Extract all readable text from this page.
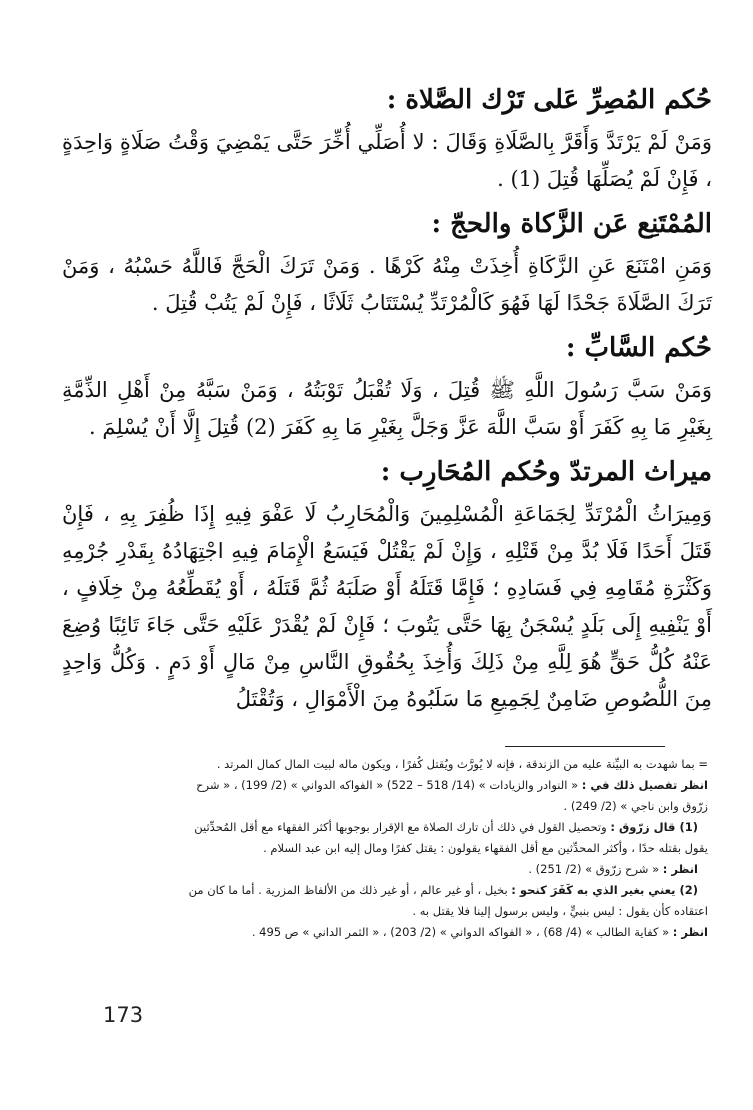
حُكم المُصِرِّ عَلى تَرْك الصَّلاة :

وَمَنْ لَمْ يَرْتَدَّ وَأَقَرَّ بِالصَّلَاةِ وَقَالَ : لا أُصَلِّي أُخِّرَ حَتَّى يَمْضِيَ وَقْتُ صَلَاةٍ وَاحِدَةٍ ، فَإِنْ لَمْ يُصَلِّهَا قُتِلَ (1) .

المُمْتَنِع عَن الزَّكاة والحجّ :

وَمَنِ امْتَنَعَ عَنِ الزَّكَاةِ أُخِذَتْ مِنْهُ كَرْهًا . وَمَنْ تَرَكَ الْحَجَّ فَاللَّهُ حَسْبُهُ ، وَمَنْ تَرَكَ الصَّلَاةَ جَحْدًا لَهَا فَهُوَ كَالْمُرْتَدِّ يُسْتَتَابُ ثَلَاثًا ، فَإِنْ لَمْ يَتُبْ قُتِلَ .

حُكم السَّابِّ :

وَمَنْ سَبَّ رَسُولَ اللَّهِ ﷺ قُتِلَ ، وَلَا تُقْبَلُ تَوْبَتُهُ ، وَمَنْ سَبَّهُ مِنْ أَهْلِ الذِّمَّةِ بِغَيْرِ مَا بِهِ كَفَرَ أَوْ سَبَّ اللَّهَ عَزَّ وَجَلَّ بِغَيْرِ مَا بِهِ كَفَرَ (2) قُتِلَ إِلَّا أَنْ يُسْلِمَ .

ميراث المرتدّ وحُكم المُحَارِب :

وَمِيرَاثُ الْمُرْتَدِّ لِجَمَاعَةِ الْمُسْلِمِينَ وَالْمُحَارِبُ لَا عَفْوَ فِيهِ إِذَا ظُفِرَ بِهِ ، فَإِنْ قَتَلَ أَحَدًا فَلَا بُدَّ مِنْ قَتْلِهِ ، وَإِنْ لَمْ يَقْتُلْ فَيَسَعُ الْإِمَامَ فِيهِ اجْتِهَادُهُ بِقَدْرِ جُرْمِهِ وَكَثْرَةِ مُقَامِهِ فِي فَسَادِهِ ؛ فَإِمَّا قَتَلَهُ أَوْ صَلَبَهُ ثُمَّ قَتَلَهُ ، أَوْ يُقَطِّعُهُ مِنْ خِلَافٍ ، أَوْ يَنْفِيهِ إِلَى بَلَدٍ يُسْجَنُ بِهَا حَتَّى يَتُوبَ ؛ فَإِنْ لَمْ يُقْدَرْ عَلَيْهِ حَتَّى جَاءَ تَائِبًا وُضِعَ عَنْهُ كُلُّ حَقٍّ هُوَ لِلَّهِ مِنْ ذَلِكَ وَأُخِذَ بِحُقُوقِ النَّاسِ مِنْ مَالٍ أَوْ دَمٍ . وَكُلُّ وَاحِدٍ مِنَ اللُّصُوصِ ضَامِنٌ لِجَمِيعِ مَا سَلَبُوهُ مِنَ الْأَمْوَالِ ، وَتُقْتَلُ

= بما شهدت به البيِّنة عليه من الزندقة ، فإنه لا يُورَّث ويُقتل كُفرًا ، ويكون ماله لبيت المال كمال المرتد .

انظر تفصيل ذلك في : « النوادر والزيادات » (14/ 518 – 522) « الفواكه الدواني » (2/ 199) ، « شرح

زرّوق وابن ناجي » (2/ 249) .

(1) قال زرّوق : وتحصيل القول في ذلك أن تارك الصلاة مع الإقرار بوجوبها أكثر الفقهاء مع أقل المُحدِّثين

يقول بقتله حدًا ، وأكثر المحدِّثين مع أقل الفقهاء يقولون : يقتل كفرًا ومال إليه ابن عبد السلام .

انظر : « شرح زرّوق » (2/ 251) .

(2) يعني بغير الذي به كَفَرَ كنحو : بخيل ، أو غير عالم ، أو غير ذلك من الألفاظ المزرية . أما ما كان من

اعتقاده كأن يقول : ليس بنبيٍّ ، وليس برسول إلينا فلا يقتل به .

انظر : « كفاية الطالب » (4/ 68) ، « الفواكه الدواني » (2/ 203) ، « الثمر الداني » ص 495 .

173
